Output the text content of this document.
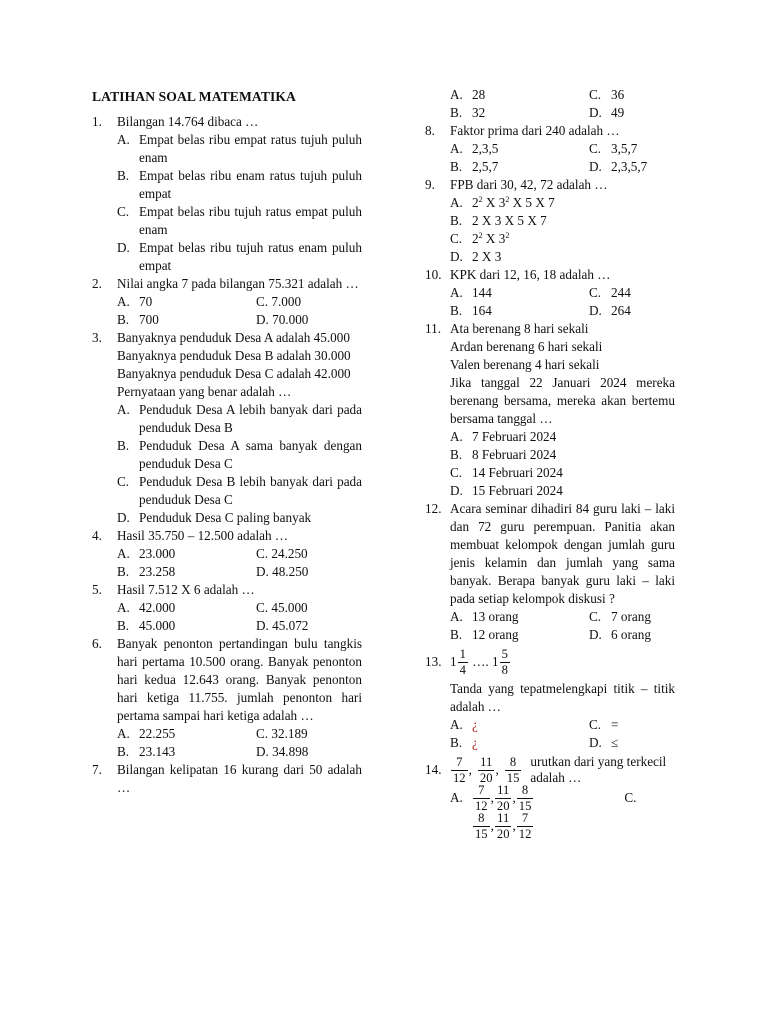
LATIHAN SOAL MATEMATIKA
1.	Bilangan 14.764 dibaca …
A. Empat belas ribu empat ratus tujuh puluh enam
B. Empat belas ribu enam ratus tujuh puluh empat
C. Empat belas ribu tujuh ratus empat puluh enam
D. Empat belas ribu tujuh ratus enam puluh empat
2.	Nilai angka 7 pada bilangan 75.321 adalah …
A. 70	C. 7.000
B. 700	D. 70.000
3.	Banyaknya penduduk Desa A adalah 45.000
Banyaknya penduduk Desa B adalah 30.000
Banyaknya penduduk Desa C adalah 42.000
Pernyataan yang benar adalah …
A. Penduduk Desa A lebih banyak dari pada penduduk Desa B
B. Penduduk Desa A sama banyak dengan penduduk Desa C
C. Penduduk Desa B lebih banyak dari pada penduduk Desa C
D. Penduduk Desa C paling banyak
4.	Hasil 35.750 – 12.500 adalah …
A. 23.000	C. 24.250
B. 23.258	D. 48.250
5.	Hasil 7.512 X 6 adalah …
A. 42.000	C. 45.000
B. 45.000	D. 45.072
6.	Banyak penonton pertandingan bulu tangkis hari pertama 10.500 orang. Banyak penonton hari kedua 12.643 orang. Banyak penonton hari ketiga 11.755. jumlah penonton hari pertama sampai hari ketiga adalah …
A. 22.255	C. 32.189
B. 23.143	D. 34.898
7.	Bilangan kelipatan 16 kurang dari 50 adalah …
A. 28	C. 36
B. 32	D. 49
8.	Faktor prima dari 240 adalah …
A. 2,3,5	C. 3,5,7
B. 2,5,7	D. 2,3,5,7
9.	FPB dari 30, 42, 72 adalah …
A. $2^2$ X $3^2$ X 5 X 7
B. 2 X 3 X 5 X 7
C. $2^2$ X $3^2$
D. 2 X 3
10. KPK dari 12, 16, 18 adalah …
A. 144	C. 244
B. 164	D. 264
11. Ata berenang 8 hari sekali
Ardan berenang 6 hari sekali
Valen berenang 4 hari sekali
Jika tanggal 22 Januari 2024 mereka berenang bersama, mereka akan bertemu bersama tanggal …
A. 7 Februari 2024
B. 8 Februari 2024
C. 14 Februari 2024
D. 15 Februari 2024
12. Acara seminar dihadiri 84 guru laki – laki dan 72 guru perempuan. Panitia akan membuat kelompok dengan jumlah guru jenis kelamin dan jumlah yang sama banyak. Berapa banyak guru laki – laki pada setiap kelompok diskusi ?
A. 13 orang	C. 7 orang
B. 12 orang	D. 6 orang
13. $1 \frac{1}{4}$ …. $1 \frac{5}{8}$
Tanda yang tepatmelengkapi titik – titik adalah …
A. ¿	C. =
B. ¿	D. ≤
14. $\frac{7}{12}$ , $\frac{11}{20}$ , $\frac{8}{15}$ urutkan dari yang terkecil adalah …
A. $\frac{7}{12}$ , $\frac{11}{20}$ , $\frac{8}{15}$	C.
$\frac{8}{15}$ , $\frac{11}{20}$ , $\frac{7}{12}$
